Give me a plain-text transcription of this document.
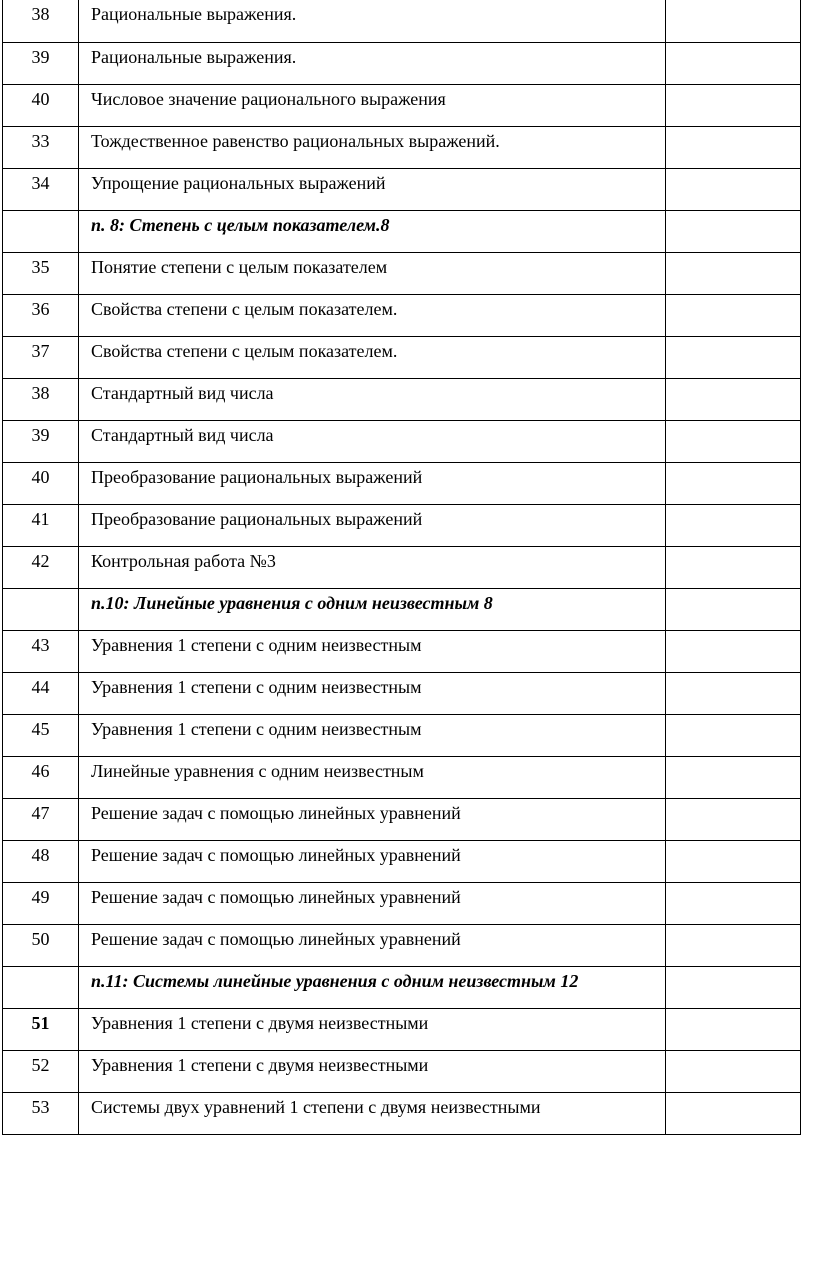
38	Рациональные выражения.	
39	Рациональные выражения.	
40	Числовое значение рационального выражения	
33	Тождественное равенство рациональных выражений.	
34	Упрощение рациональных выражений	
	п. 8: Степень с целым показателем.8	
35	Понятие степени с целым показателем	
36	Свойства степени с целым показателем.	
37	Свойства степени с целым показателем.	
38	Стандартный вид числа	
39	Стандартный вид числа	
40	Преобразование рациональных выражений	
41	Преобразование рациональных выражений	
42	Контрольная работа №3	
	п.10: Линейные уравнения с одним неизвестным 8	
43	Уравнения 1 степени с одним неизвестным	
44	Уравнения 1 степени с одним неизвестным	
45	Уравнения 1 степени с одним неизвестным	
46	Линейные уравнения с одним неизвестным	
47	Решение задач с помощью линейных уравнений	
48	Решение задач с помощью линейных уравнений	
49	Решение задач с помощью линейных уравнений	
50	Решение задач с помощью линейных уравнений	
	п.11: Системы линейные уравнения с одним неизвестным 12	
51	Уравнения 1 степени с двумя неизвестными	
52	Уравнения 1 степени с двумя неизвестными	
53	Системы двух уравнений 1 степени с двумя неизвестными	
